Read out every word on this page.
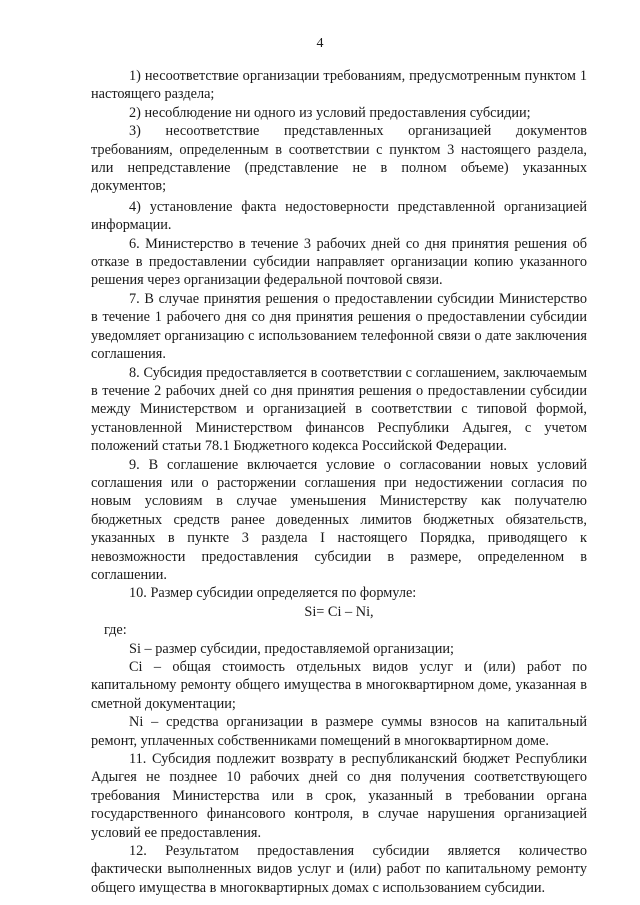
4

1) несоответствие организации требованиям, предусмотренным пунктом 1 настоящего раздела;

2) несоблюдение ни одного из условий предоставления субсидии;

3) несоответствие представленных организацией документов требованиям, определенным в соответствии с пунктом 3 настоящего раздела, или непредставление (представление не в полном объеме) указанных документов;

4) установление факта недостоверности представленной организацией информации.

6. Министерство в течение 3 рабочих дней со дня принятия решения об отказе в предоставлении субсидии направляет организации копию указанного решения через организации федеральной почтовой связи.

7. В случае принятия решения о предоставлении субсидии Министерство в течение 1 рабочего дня со дня принятия решения о предоставлении субсидии уведомляет организацию с использованием телефонной связи о дате заключения соглашения.

8. Субсидия предоставляется в соответствии с соглашением, заключаемым в течение 2 рабочих дней со дня принятия решения о предоставлении субсидии между Министерством и организацией в соответствии с типовой формой, установленной Министерством финансов Республики Адыгея, с учетом положений статьи 78.1 Бюджетного кодекса Российской Федерации.

9. В соглашение включается условие о согласовании новых условий соглашения или о расторжении соглашения при недостижении согласия по новым условиям в случае уменьшения Министерству как получателю бюджетных средств ранее доведенных лимитов бюджетных обязательств, указанных в пункте 3 раздела I настоящего Порядка, приводящего к невозможности предоставления субсидии в размере, определенном в соглашении.

10. Размер субсидии определяется по формуле:

Si= Ci – Ni,

где:

Si – размер субсидии, предоставляемой организации;

Ci – общая стоимость отдельных видов услуг и (или) работ по капитальному ремонту общего имущества в многоквартирном доме, указанная в сметной документации;

Ni – средства организации в размере суммы взносов на капитальный ремонт, уплаченных собственниками помещений в многоквартирном доме.

11. Субсидия подлежит возврату в республиканский бюджет Республики Адыгея не позднее 10 рабочих дней со дня получения соответствующего требования Министерства или в срок, указанный в требовании органа государственного финансового контроля, в случае нарушения организацией условий ее предоставления.

12. Результатом предоставления субсидии является количество фактически выполненных видов услуг и (или) работ по капитальному ремонту общего имущества в многоквартирных домах с использованием субсидии.
